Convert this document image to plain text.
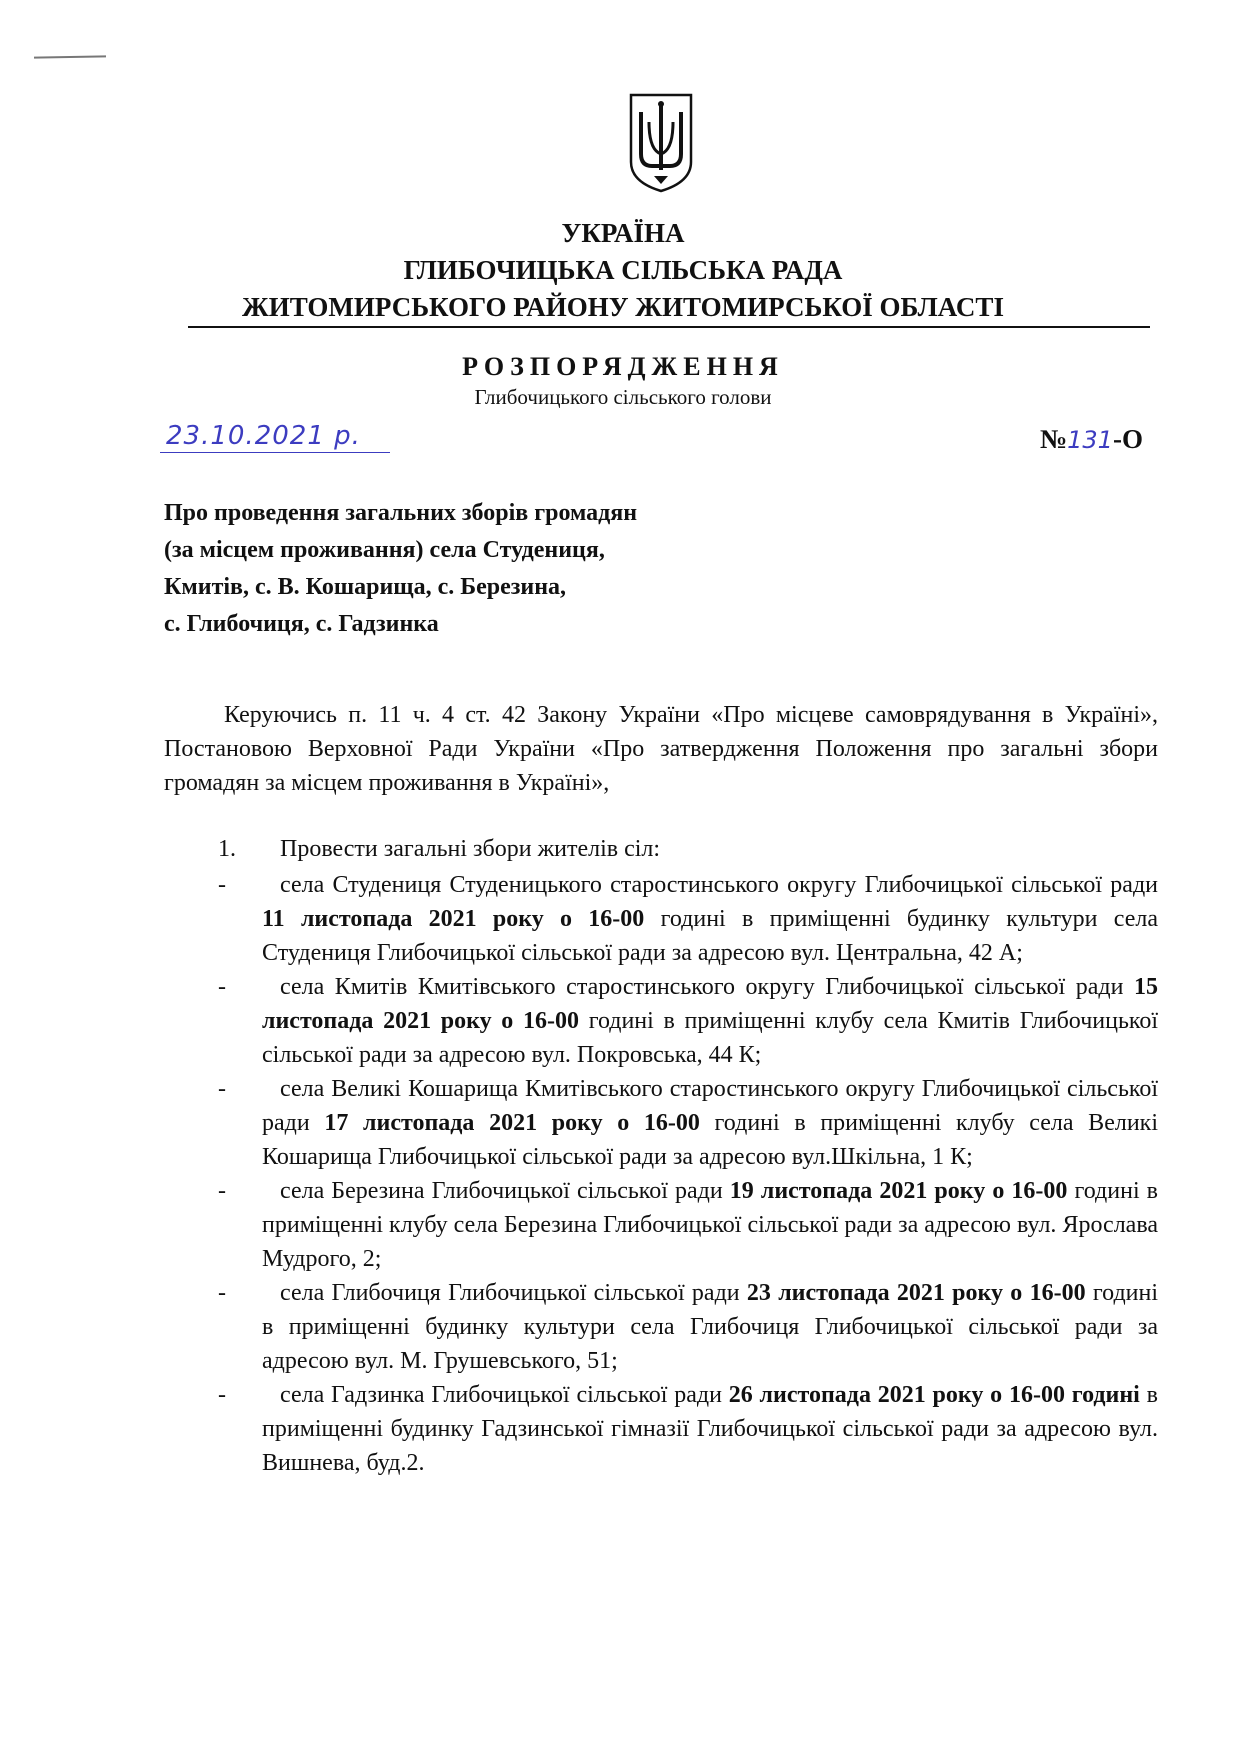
УКРАЇНА
ГЛИБОЧИЦЬКА СІЛЬСЬКА РАДА
ЖИТОМИРСЬКОГО РАЙОНУ ЖИТОМИРСЬКОЇ ОБЛАСТІ
РОЗПОРЯДЖЕННЯ
Глибочицького сільського голови
23.10.2021 р.	№131-О
Про проведення загальних зборів громадян
(за місцем проживання) села Студениця,
Кмитів, с. В. Кошарища, с. Березина,
с. Глибочиця, с. Гадзинка
Керуючись п. 11 ч. 4 ст. 42 Закону України «Про місцеве самоврядування в Україні», Постановою Верховної Ради України «Про затвердження Положення про загальні збори громадян за місцем проживання в Україні»,
1. Провести загальні збори жителів сіл:
-	села Студениця Студеницького старостинського округу Глибочицької сільської ради 11 листопада 2021 року о 16-00 годині в приміщенні будинку культури села Студениця Глибочицької сільської ради за адресою вул. Центральна, 42 А;
-	села Кмитів Кмитівського старостинського округу Глибочицької сільської ради 15 листопада 2021 року о 16-00 годині в приміщенні клубу села Кмитів Глибочицької сільської ради за адресою вул. Покровська, 44 К;
-	села Великі Кошарища Кмитівського старостинського округу Глибочицької сільської ради 17 листопада 2021 року о 16-00 годині в приміщенні клубу села Великі Кошарища Глибочицької сільської ради за адресою вул.Шкільна, 1 К;
-	села Березина Глибочицької сільської ради 19 листопада 2021 року о 16-00 годині в приміщенні клубу села Березина Глибочицької сільської ради за адресою вул. Ярослава Мудрого, 2;
-	села Глибочиця Глибочицької сільської ради 23 листопада 2021 року о 16-00 годині в приміщенні будинку культури села Глибочиця Глибочицької сільської ради за адресою вул. М. Грушевського, 51;
-	села Гадзинка Глибочицької сільської ради 26 листопада 2021 року о 16-00 годині в приміщенні будинку Гадзинської гімназії Глибочицької сільської ради за адресою вул. Вишнева, буд.2.
